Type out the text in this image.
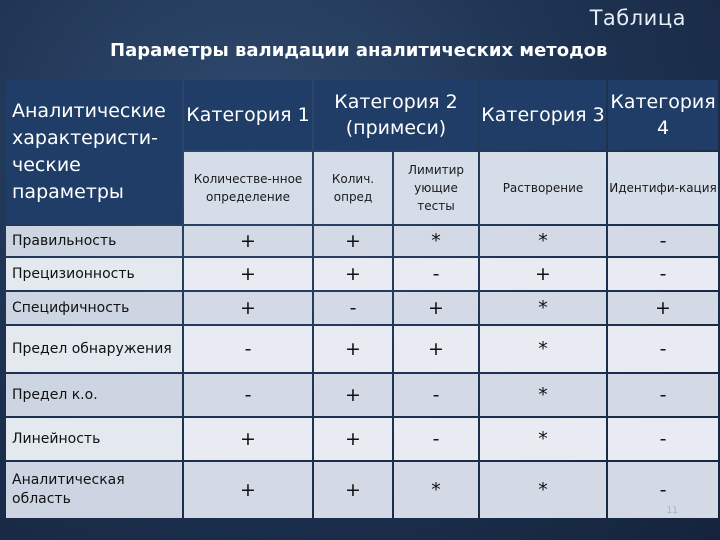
Таблица
Параметры валидации аналитических методов
Аналитические характеристи-ческие параметры	Категория 1	Категория 2 (примеси)		Категория 3	Категория 4
	Количестве-нное определение	Колич. опред	Лимитир ующие тесты	Растворение	Идентифи-кация
Правильность	+	+	*	*	-
Прецизионность	+	+	-	+	-
Специфичность	+	-	+	*	+
Предел обнаружения	-	+	+	*	-
Предел к.о.	-	+	-	*	-
Линейность	+	+	-	*	-
Аналитическая область	+	+	*	*	-
11
